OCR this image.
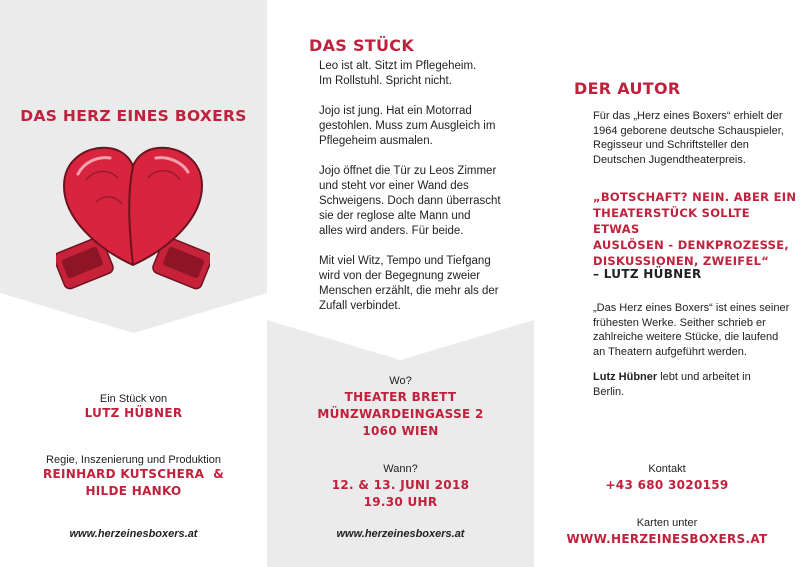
DAS HERZ EINES BOXERS
Ein Stück von
LUTZ HÜBNER
Regie, Inszenierung und Produktion
REINHARD KUTSCHERA  &
HILDE HANKO
www.herzeinesboxers.at
DAS STÜCK
Leo ist alt. Sitzt im Pflegeheim.
Im Rollstuhl. Spricht nicht.
Jojo ist jung. Hat ein Motorrad
gestohlen. Muss zum Ausgleich im
Pflegeheim ausmalen.
Jojo öffnet die Tür zu Leos Zimmer
und steht vor einer Wand des
Schweigens. Doch dann überrascht
sie der reglose alte Mann und
alles wird anders. Für beide.
Mit viel Witz, Tempo und Tiefgang
wird von der Begegnung zweier
Menschen erzählt, die mehr als der
Zufall verbindet.
Wo?
THEATER BRETT
MÜNZWARDEINGASSE 2
1060 WIEN
Wann?
12. & 13. JUNI 2018
19.30 UHR
www.herzeinesboxers.at
DER AUTOR
Für das „Herz eines Boxers“ erhielt der
1964 geborene deutsche Schauspieler,
Regisseur und Schriftsteller den
Deutschen Jugendtheaterpreis.
„BOTSCHAFT? NEIN. ABER EIN
THEATERSTÜCK SOLLTE ETWAS
AUSLÖSEN - DENKPROZESSE,
DISKUSSIONEN, ZWEIFEL“
– LUTZ HÜBNER
„Das Herz eines Boxers“ ist eines seiner
frühesten Werke. Seither schrieb er
zahlreiche weitere Stücke, die laufend
an Theatern aufgeführt werden.
Lutz Hübner lebt und arbeitet in
Berlin.
Kontakt
+43 680 3020159
Karten unter
WWW.HERZEINESBOXERS.AT
